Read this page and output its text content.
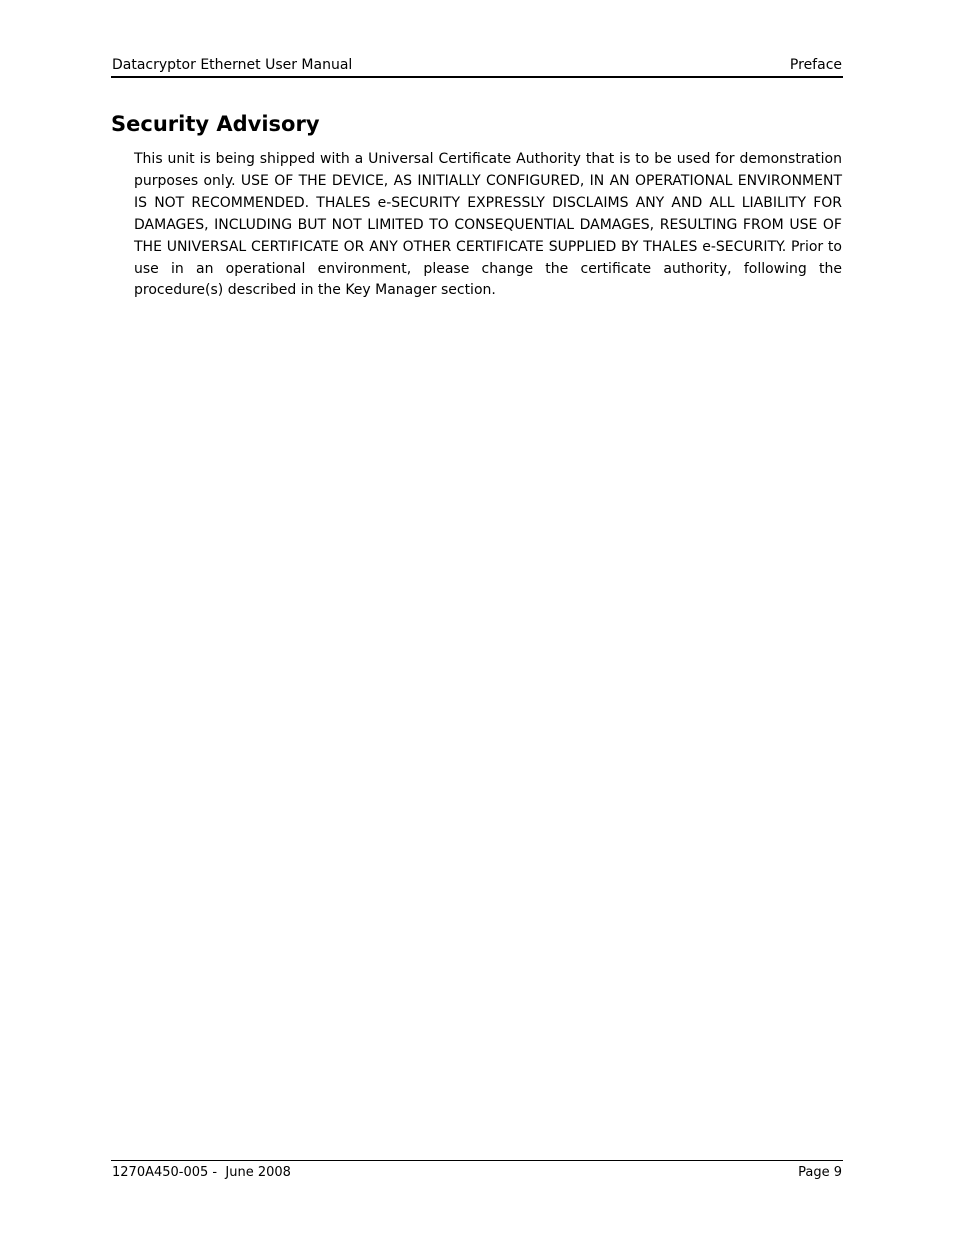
Datacryptor Ethernet User Manual	Preface
Security Advisory

This unit is being shipped with a Universal Certificate Authority that is to be used for demonstration purposes only. USE OF THE DEVICE, AS INITIALLY CONFIGURED, IN AN OPERATIONAL ENVIRONMENT IS NOT RECOMMENDED. THALES e-SECURITY EXPRESSLY DISCLAIMS ANY AND ALL LIABILITY FOR DAMAGES, INCLUDING BUT NOT LIMITED TO CONSEQUENTIAL DAMAGES, RESULTING FROM USE OF THE UNIVERSAL CERTIFICATE OR ANY OTHER CERTIFICATE SUPPLIED BY THALES e-SECURITY. Prior to use in an operational environment, please change the certificate authority, following the procedure(s) described in the Key Manager section.

1270A450-005 -  June 2008	Page 9
